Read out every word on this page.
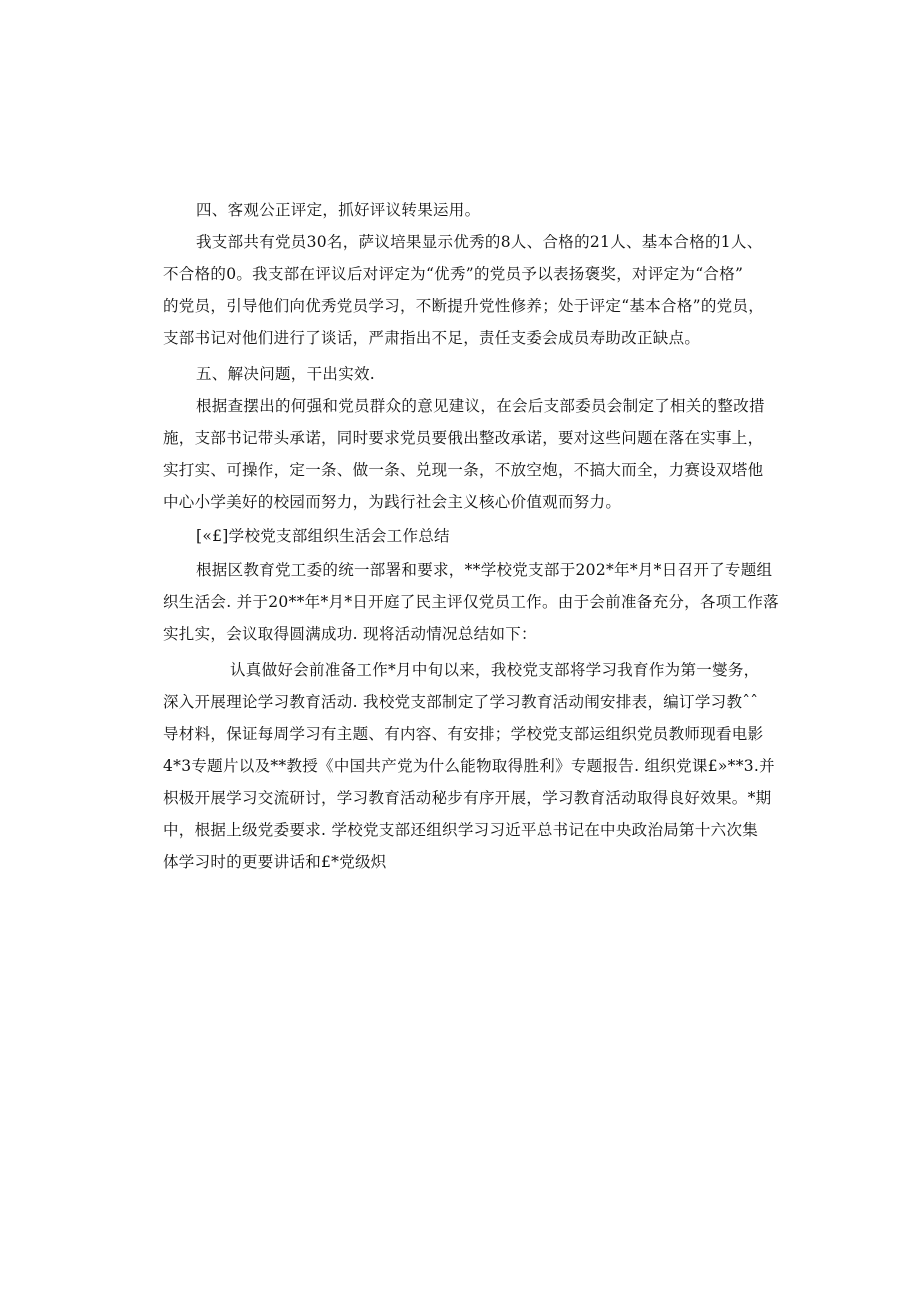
四、客观公正评定，抓好评议转果运用。
我支部共有党员30名，萨议培果显示优秀的8人、合格的21人、基本合格的1人、
不合格的0。我支部在评议后对评定为“优秀”的党员予以表扬褒奖，对评定为“合格”
的党员，引导他们向优秀党员学习，不断提升党性修养；处于评定“基本合格”的党员，
支部书记对他们进行了谈话，严肃指出不足，责任支委会成员寿助改正缺点。
五、解决问题，干出实效.
根据查摆出的何强和党员群众的意见建议，在会后支部委员会制定了相关的整改措
施，支部书记带头承诺，同时要求党员要俄出整改承诺，要对这些问题在落在实事上，
实打实、可操作，定一条、做一条、兑现一条，不放空炮，不搞大而全，力赛设双塔他
中心小学美好的校园而努力，为践行社会主义核心价值观而努力。
[«£]学校党支部组织生活会工作总结
根据区教育党工委的统一部署和要求，**学校党支部于202*年*月*日召开了专题组
织生活会. 并于20**年*月*日开庭了民主评仅党员工作。由于会前准备充分，各项工作落
实扎实，会议取得圆满成功. 现将活动情况总结如下：
认真做好会前准备工作*月中旬以来，我校党支部将学习我育作为第一燮务，
深入开展理论学习教育活动. 我校党支部制定了学习教育活动闱安排表，编订学习教ˆˆ
导材料，保证每周学习有主题、有内容、有安排；学校党支部运组织党员教师现看电影
4*3专题片以及**教授《中国共产党为什么能物取得胜利》专题报告. 组织党课£»**3.并
枳极开展学习交流研讨，学习教育活动秘步有序开展，学习教育活动取得良好效果。*期
中，根据上级党委要求. 学校党支部还组织学习习近平总书记在中央政治局第十六次集
体学习时的更要讲话和£*党级炽
